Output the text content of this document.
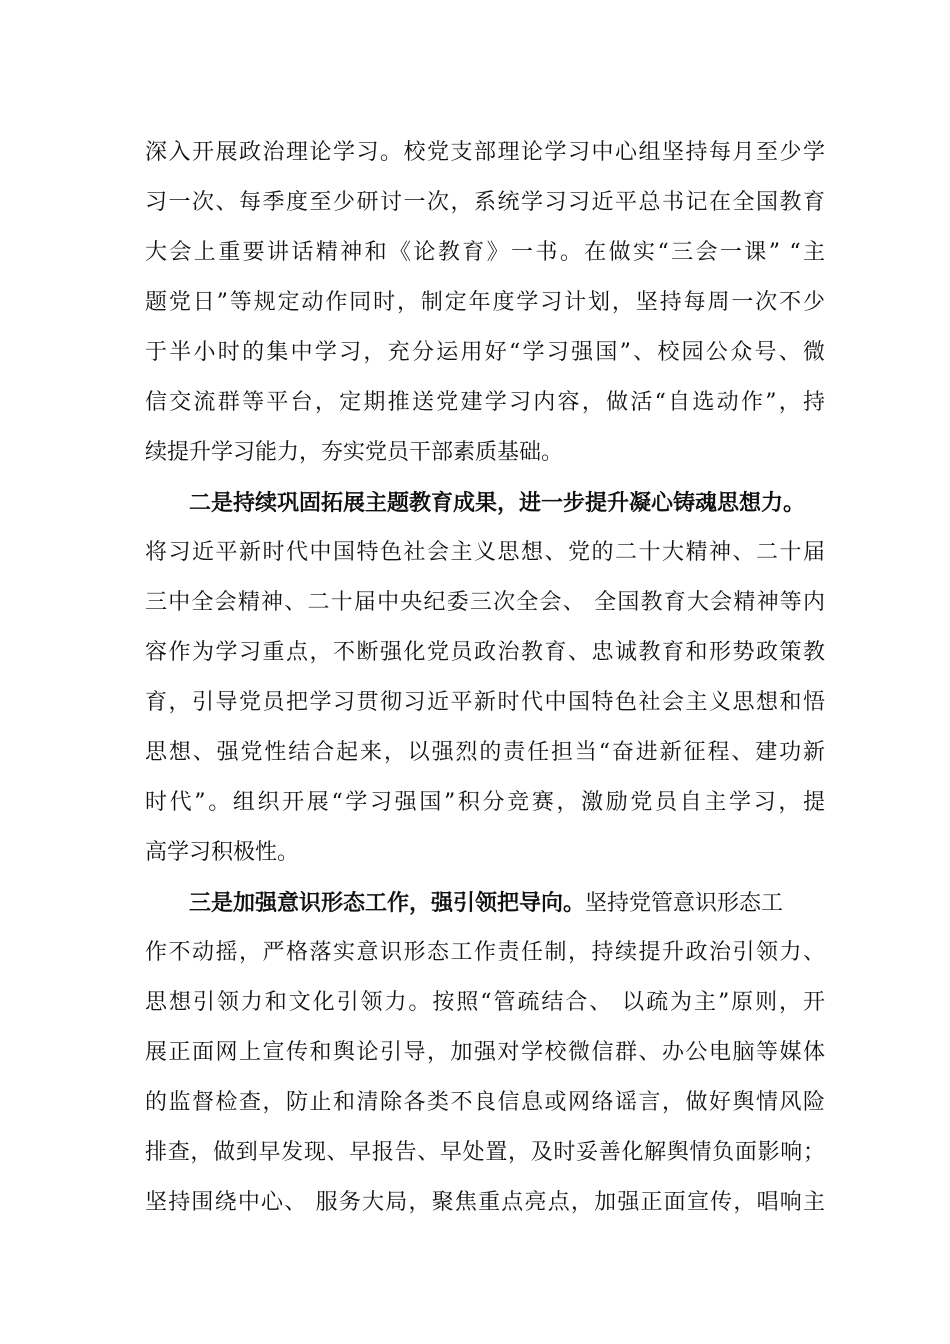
深入开展政治理论学习。校党支部理论学习中心组坚持每月至少学
习一次、每季度至少研讨一次，系统学习习近平总书记在全国教育
大会上重要讲话精神和《论教育》一书。在做实“三会一课” “主
题党日”等规定动作同时，制定年度学习计划，坚持每周一次不少
于半小时的集中学习，充分运用好“学习强国”、校园公众号、微
信交流群等平台，定期推送党建学习内容，做活“自选动作”，持
续提升学习能力，夯实党员干部素质基础。
二是持续巩固拓展主题教育成果，进一步提升凝心铸魂思想力。
将习近平新时代中国特色社会主义思想、党的二十大精神、二十届
三中全会精神、二十届中央纪委三次全会、 全国教育大会精神等内
容作为学习重点，不断强化党员政治教育、忠诚教育和形势政策教
育，引导党员把学习贯彻习近平新时代中国特色社会主义思想和悟
思想、强党性结合起来，以强烈的责任担当“奋进新征程、建功新
时代”。组织开展“学习强国”积分竞赛，激励党员自主学习，提
高学习积极性。
三是加强意识形态工作，强引领把导向。坚持党管意识形态工
作不动摇，严格落实意识形态工作责任制，持续提升政治引领力、
思想引领力和文化引领力。按照“管疏结合、 以疏为主”原则，开
展正面网上宣传和舆论引导，加强对学校微信群、办公电脑等媒体
的监督检查，防止和清除各类不良信息或网络谣言，做好舆情风险
排查，做到早发现、早报告、早处置，及时妥善化解舆情负面影响；
坚持围绕中心、 服务大局，聚焦重点亮点，加强正面宣传，唱响主
